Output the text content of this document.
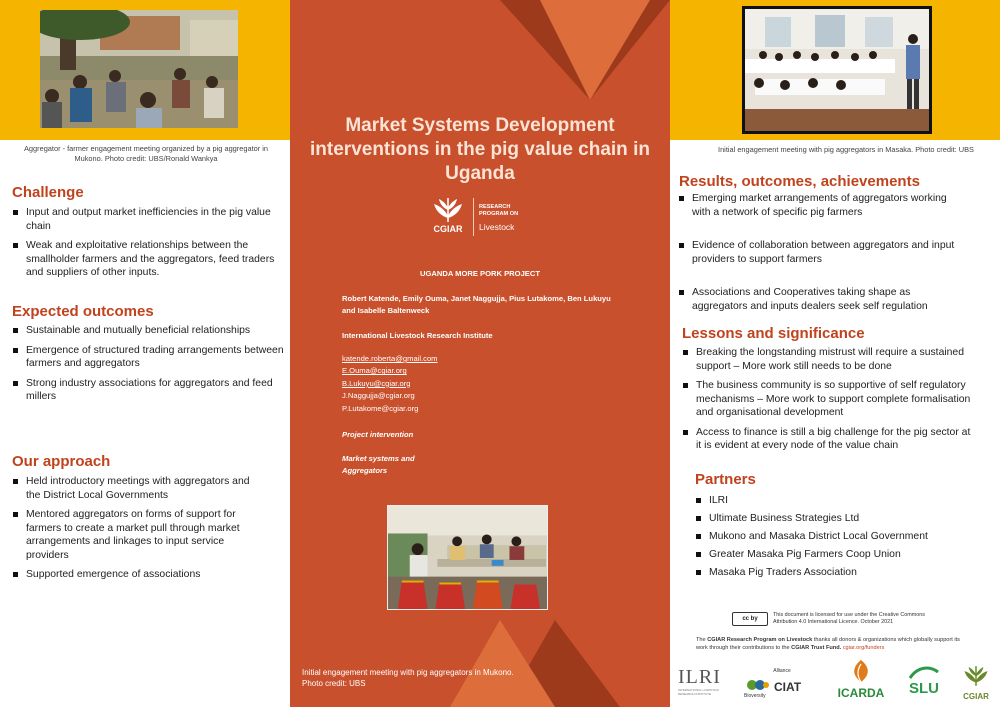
Aggregator - farmer engagement meeting organized by a pig aggregator in Mukono. Photo credit: UBS/Ronald Wankya
Challenge
Input and output market inefficiencies in the pig value chain
Weak and exploitative relationships between the smallholder farmers and the aggregators, feed traders and suppliers of other inputs.
Expected outcomes
Sustainable and mutually beneficial relationships
Emergence of structured trading arrangements between farmers and aggregators
Strong industry associations for aggregators and feed millers
Our approach
Held introductory meetings with aggregators and the District Local Governments
Mentored aggregators on forms of support for farmers to create a market pull through market arrangements and linkages to input service providers
Supported emergence of associations
Market Systems Development interventions in the pig value chain in Uganda
CGIAR
RESEARCH
PROGRAM ON
Livestock
UGANDA MORE PORK PROJECT
Robert Katende, Emily Ouma, Janet Naggujja, Pius Lutakome, Ben Lukuyu and Isabelle Baltenweck
International Livestock Research Institute
katende.roberta@gmail.com
E.Ouma@cgiar.org
B.Lukuyu@cgiar.org
J.Naggujja@cgiar.org
P.Lutakome@cgiar.org
Project intervention
Market systems and
Aggregators
Initial engagement meeting with pig aggregators in Mukono.
Photo credit: UBS
Initial engagement meeting with pig aggregators in Masaka. Photo credit: UBS
Results, outcomes, achievements
Emerging market arrangements of aggregators working with a network of specific pig farmers
Evidence of collaboration between aggregators and input providers to support farmers
Associations and Cooperatives taking shape as aggregators and inputs dealers seek self regulation
Lessons and significance
Breaking the longstanding mistrust will require a sustained support – More work still needs to be done
The business community is so supportive of self regulatory mechanisms – More work to support complete formalisation and organisational development
Access to finance is still a big challenge for the pig sector at it is evident at every node of the value chain
Partners
ILRI
Ultimate Business Strategies Ltd
Mukono and Masaka District Local Government
Greater Masaka Pig Farmers Coop Union
Masaka Pig Traders Association
cc by
This document is licensed for use under the Creative Commons Attribution 4.0 International Licence. October 2021
The CGIAR Research Program on Livestock thanks all donors & organizations which globally support its work through their contributions to the CGIAR Trust Fund. cgiar.org/funders
ILRI
INTERNATIONAL LIVESTOCK RESEARCH INSTITUTE
Alliance
Bioversity
CIAT	ICARDA	SLU	CGIAR
